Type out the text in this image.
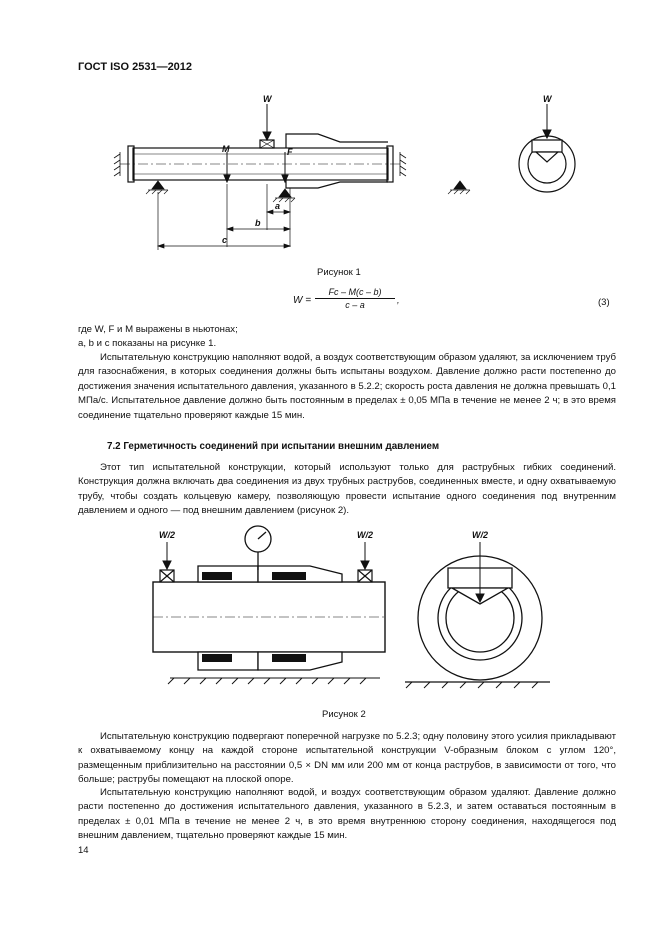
ГОСТ ISO 2531—2012
W
M	F
a
b
c
W
Рисунок 1
$W = \frac{Fc - M(c - b)}{c - a}$ ,	(3)
где W, F и M выражены в ньютонах;
a, b и c показаны на рисунке 1.
Испытательную конструкцию наполняют водой, а воздух соответствующим образом удаляют, за исключением труб для газоснабжения, в которых соединения должны быть испытаны воздухом. Давление должно расти постепенно до достижения значения испытательного давления, указанного в 5.2.2; скорость роста давления не должна превышать 0,1 МПа/с. Испытательное давление должно быть постоянным в пределах ± 0,05 МПа в течение не менее 2 ч; в это время соединение тщательно проверяют каждые 15 мин.
7.2 Герметичность соединений при испытании внешним давлением
Этот тип испытательной конструкции, который используют только для раструбных гибких соединений. Конструкция должна включать два соединения из двух трубных раструбов, соединенных вместе, и одну охватываемую трубу, чтобы создать кольцевую камеру, позволяющую провести испытание одного соединения под внутренним давлением и одного — под внешним давлением (рисунок 2).
W/2	W/2	W/2
Рисунок 2
Испытательную конструкцию подвергают поперечной нагрузке по 5.2.3; одну половину этого усилия прикладывают к охватываемому концу на каждой стороне испытательной конструкции V-образным блоком с углом 120°, размещенным приблизительно на расстоянии 0,5 × DN мм или 200 мм от конца раструбов, в зависимости от того, что больше; раструбы помещают на плоской опоре.
Испытательную конструкцию наполняют водой, и воздух соответствующим образом удаляют. Давление должно расти постепенно до достижения испытательного давления, указанного в 5.2.3, и затем оставаться постоянным в пределах ± 0,01 МПа в течение не менее 2 ч, в это время внутреннюю сторону соединения, находящегося под внешним давлением, тщательно проверяют каждые 15 мин.
14
